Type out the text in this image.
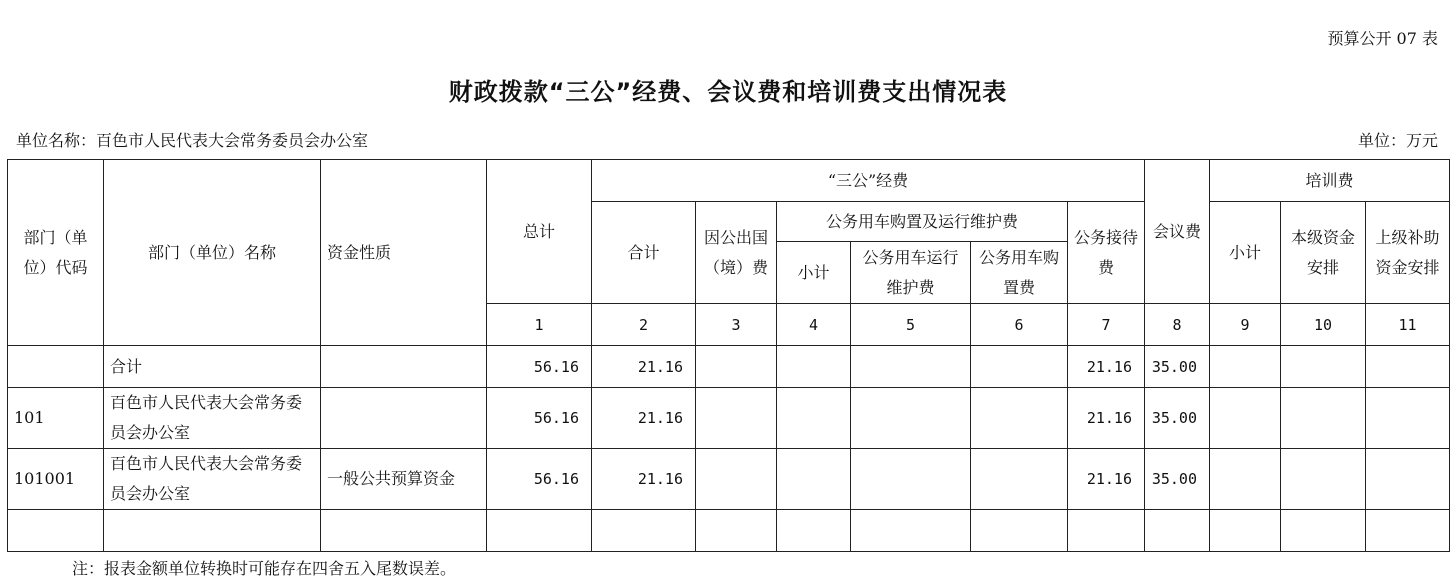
预算公开 07 表
财政拨款“三公”经费、会议费和培训费支出情况表
单位名称：百色市人民代表大会常务委员会办公室	单位：万元
部门（单位）代码	部门（单位）名称	资金性质	总计	“三公”经费						会议费	培训费		
				合计	因公出国（境）费	公务用车购置及运行维护费			公务接待费		小计	本级资金安排	上级补助资金安排
						小计	公务用车运行维护费	公务用车购置费					
			1	2	3	4	5	6	7	8	9	10	11
	合计		56.16	21.16					21.16	35.00			
101	百色市人民代表大会常务委员会办公室		56.16	21.16					21.16	35.00			
101001	百色市人民代表大会常务委员会办公室	一般公共预算资金	56.16	21.16					21.16	35.00			

注：报表金额单位转换时可能存在四舍五入尾数误差。
